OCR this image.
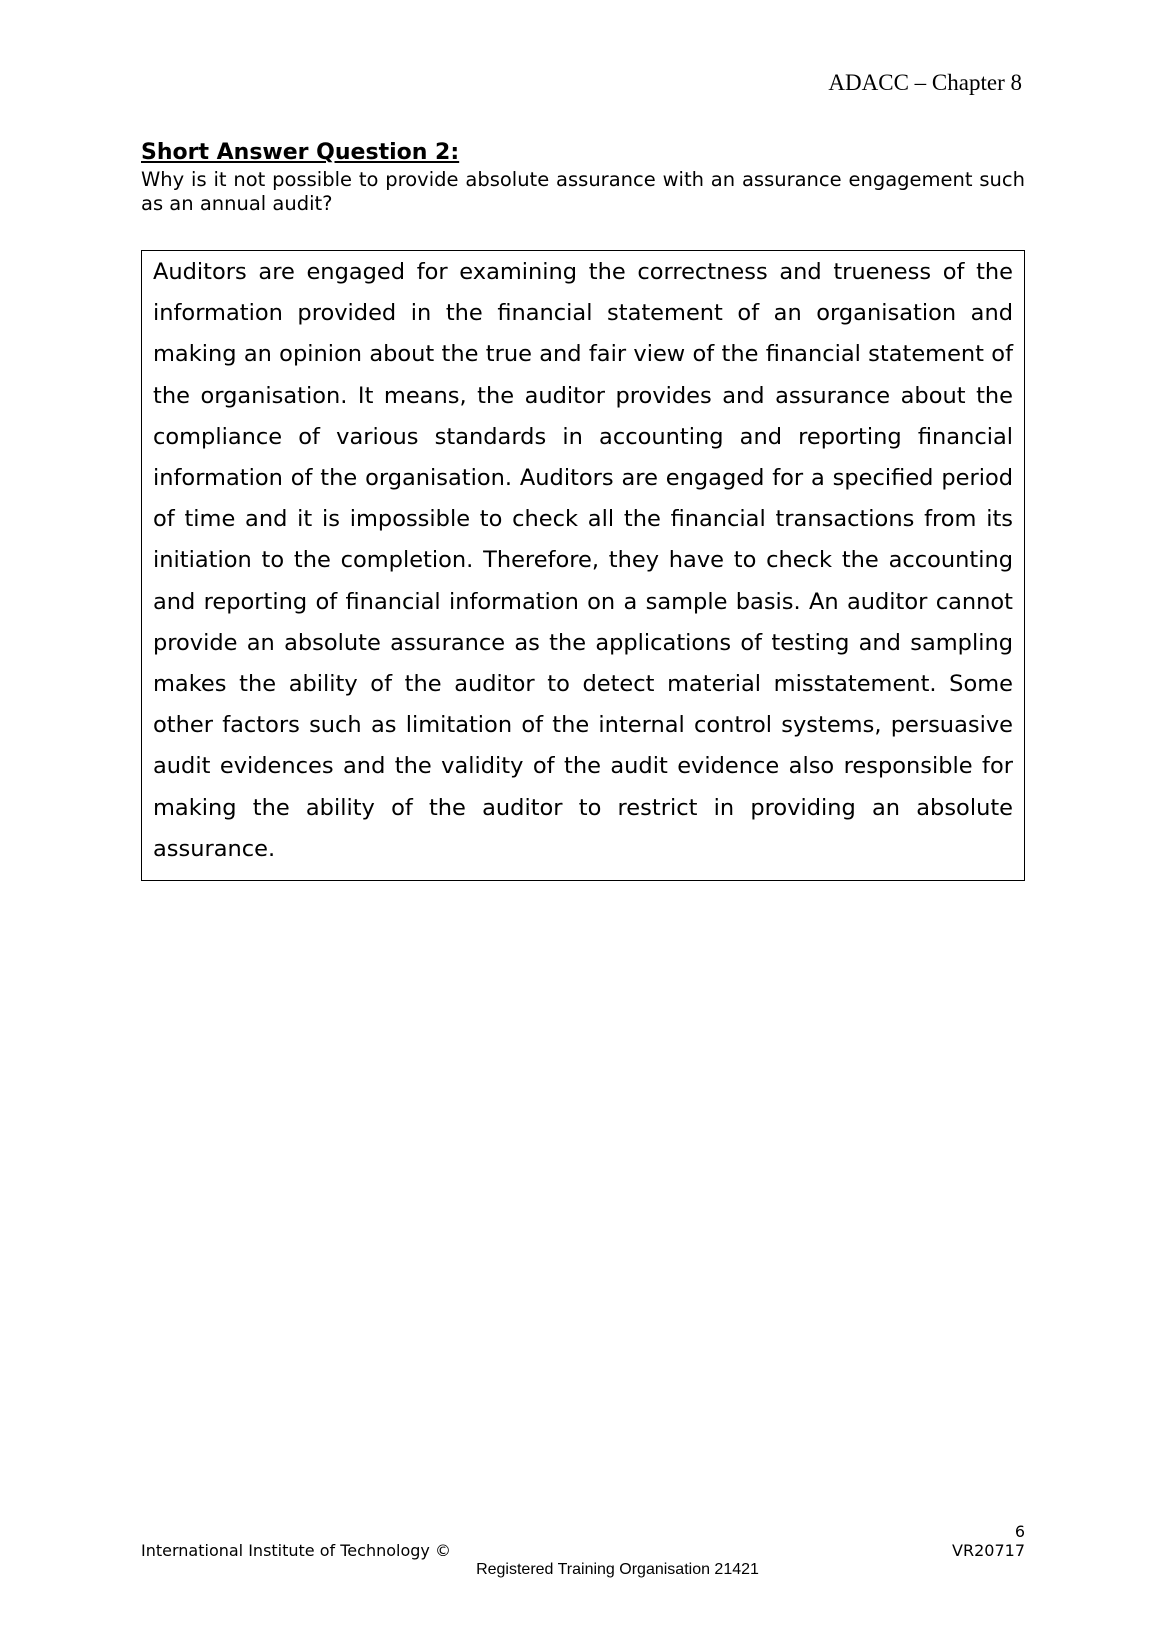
ADACC – Chapter 8
Short Answer Question 2:

Why is it not possible to provide absolute assurance with an assurance engagement such as an annual audit?

Auditors are engaged for examining the correctness and trueness of the information provided in the financial statement of an organisation and making an opinion about the true and fair view of the financial statement of the organisation. It means, the auditor provides and assurance about the compliance of various standards in accounting and reporting financial information of the organisation. Auditors are engaged for a specified period of time and it is impossible to check all the financial transactions from its initiation to the completion. Therefore, they have to check the accounting and reporting of financial information on a sample basis. An auditor cannot provide an absolute assurance as the applications of testing and sampling makes the ability of the auditor to detect material misstatement. Some other factors such as limitation of the internal control systems, persuasive audit evidences and the validity of the audit evidence also responsible for making the ability of the auditor to restrict in providing an absolute assurance.

6
International Institute of Technology ©	VR20717
Registered Training Organisation 21421
